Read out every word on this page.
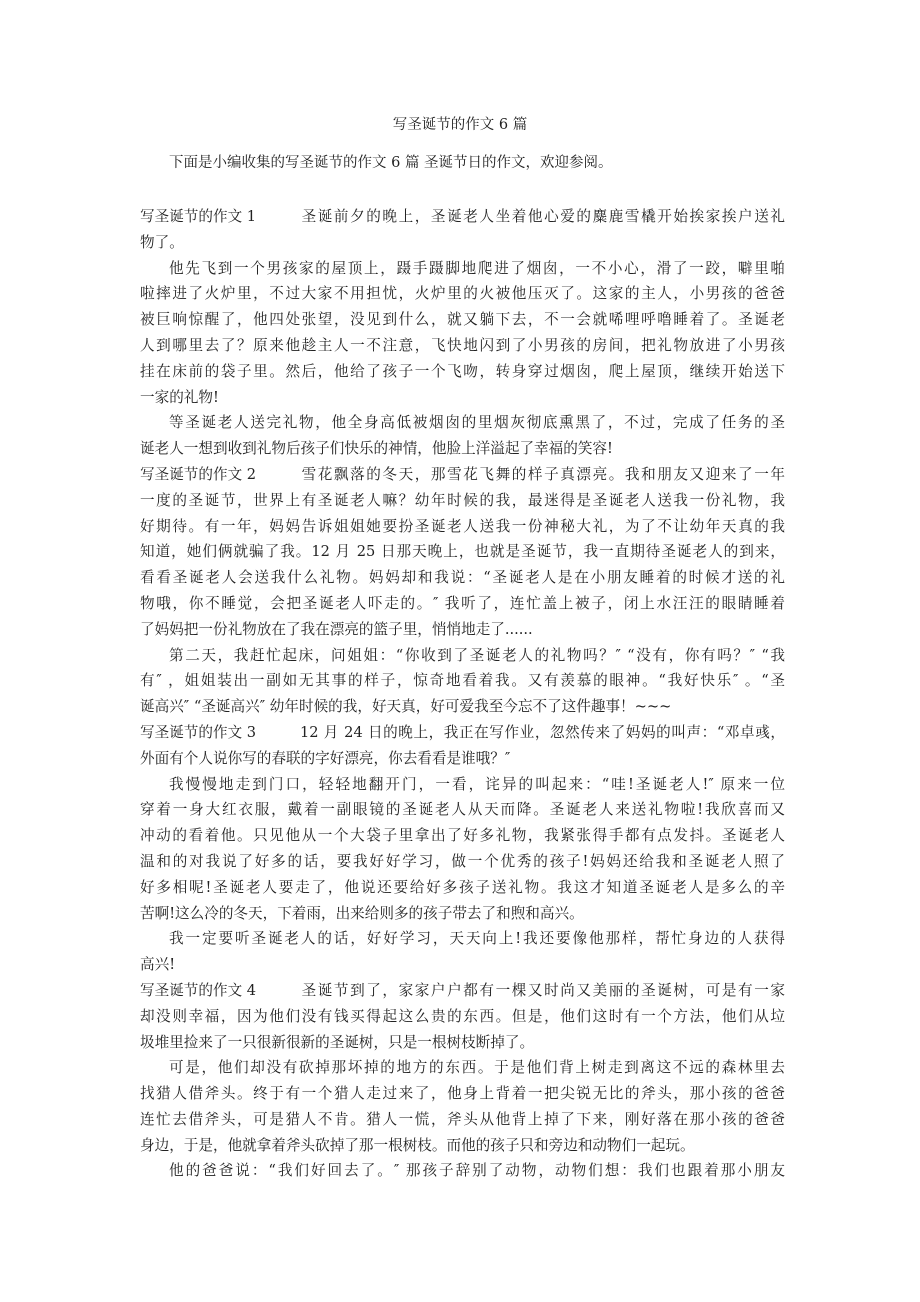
写圣诞节的作文 6 篇
下面是小编收集的写圣诞节的作文 6 篇 圣诞节日的作文，欢迎参阅。
写圣诞节的作文 1	圣诞前夕的晚上，圣诞老人坐着他心爱的麋鹿雪橇开始挨家挨户送礼
物了。
他先飞到一个男孩家的屋顶上，蹑手蹑脚地爬进了烟囱，一不小心，滑了一跤，噼里啪
啦摔进了火炉里，不过大家不用担忧，火炉里的火被他压灭了。这家的主人，小男孩的爸爸
被巨响惊醒了，他四处张望，没见到什么，就又躺下去，不一会就唏哩呼噜睡着了。圣诞老
人到哪里去了？原来他趁主人一不注意，飞快地闪到了小男孩的房间，把礼物放进了小男孩
挂在床前的袋子里。然后，他给了孩子一个飞吻，转身穿过烟囱，爬上屋顶，继续开始送下
一家的礼物!
等圣诞老人送完礼物，他全身高低被烟囱的里烟灰彻底熏黑了，不过，完成了任务的圣
诞老人一想到收到礼物后孩子们快乐的神情，他脸上洋溢起了幸福的笑容!
写圣诞节的作文 2	雪花飘落的冬天，那雪花飞舞的样子真漂亮。我和朋友又迎来了一年
一度的圣诞节，世界上有圣诞老人嘛？幼年时候的我，最迷得是圣诞老人送我一份礼物，我
好期待。有一年，妈妈告诉姐姐她要扮圣诞老人送我一份神秘大礼，为了不让幼年天真的我
知道，她们俩就骗了我。12 月 25 日那天晚上，也就是圣诞节，我一直期待圣诞老人的到来，
看看圣诞老人会送我什么礼物。妈妈却和我说：“圣诞老人是在小朋友睡着的时候才送的礼
物哦，你不睡觉，会把圣诞老人吓走的。″ 我听了，连忙盖上被子，闭上水汪汪的眼睛睡着
了妈妈把一份礼物放在了我在漂亮的篮子里，悄悄地走了......
第二天，我赶忙起床，问姐姐：“你收到了圣诞老人的礼物吗？″ “没有，你有吗？″ “我
有″ ，姐姐装出一副如无其事的样子，惊奇地看着我。又有羡慕的眼神。“我好快乐″ 。“圣
诞高兴″ “圣诞高兴″ 幼年时候的我，好天真，好可爱我至今忘不了这件趣事！~~~
写圣诞节的作文 3	12 月 24 日的晚上，我正在写作业，忽然传来了妈妈的叫声：“邓卓彧，
外面有个人说你写的春联的字好漂亮，你去看看是谁哦？″
我慢慢地走到门口，轻轻地翻开门，一看，诧异的叫起来：“哇!圣诞老人!″ 原来一位
穿着一身大红衣服，戴着一副眼镜的圣诞老人从天而降。圣诞老人来送礼物啦!我欣喜而又
冲动的看着他。只见他从一个大袋子里拿出了好多礼物，我紧张得手都有点发抖。圣诞老人
温和的对我说了好多的话，要我好好学习，做一个优秀的孩子!妈妈还给我和圣诞老人照了
好多相呢!圣诞老人要走了，他说还要给好多孩子送礼物。我这才知道圣诞老人是多么的辛
苦啊!这么冷的冬天，下着雨，出来给则多的孩子带去了和煦和高兴。
我一定要听圣诞老人的话，好好学习，天天向上!我还要像他那样，帮忙身边的人获得
高兴!
写圣诞节的作文 4	圣诞节到了，家家户户都有一棵又时尚又美丽的圣诞树，可是有一家
却没则幸福，因为他们没有钱买得起这么贵的东西。但是，他们这时有一个方法，他们从垃
圾堆里捡来了一只很新很新的圣诞树，只是一根树枝断掉了。
可是，他们却没有砍掉那坏掉的地方的东西。于是他们背上树走到离这不远的森林里去
找猎人借斧头。终于有一个猎人走过来了，他身上背着一把尖锐无比的斧头，那小孩的爸爸
连忙去借斧头，可是猎人不肯。猎人一慌，斧头从他背上掉了下来，刚好落在那小孩的爸爸
身边，于是，他就拿着斧头砍掉了那一根树枝。而他的孩子只和旁边和动物们一起玩。
他的爸爸说：“我们好回去了。″ 那孩子辞别了动物，动物们想：我们也跟着那小朋友
